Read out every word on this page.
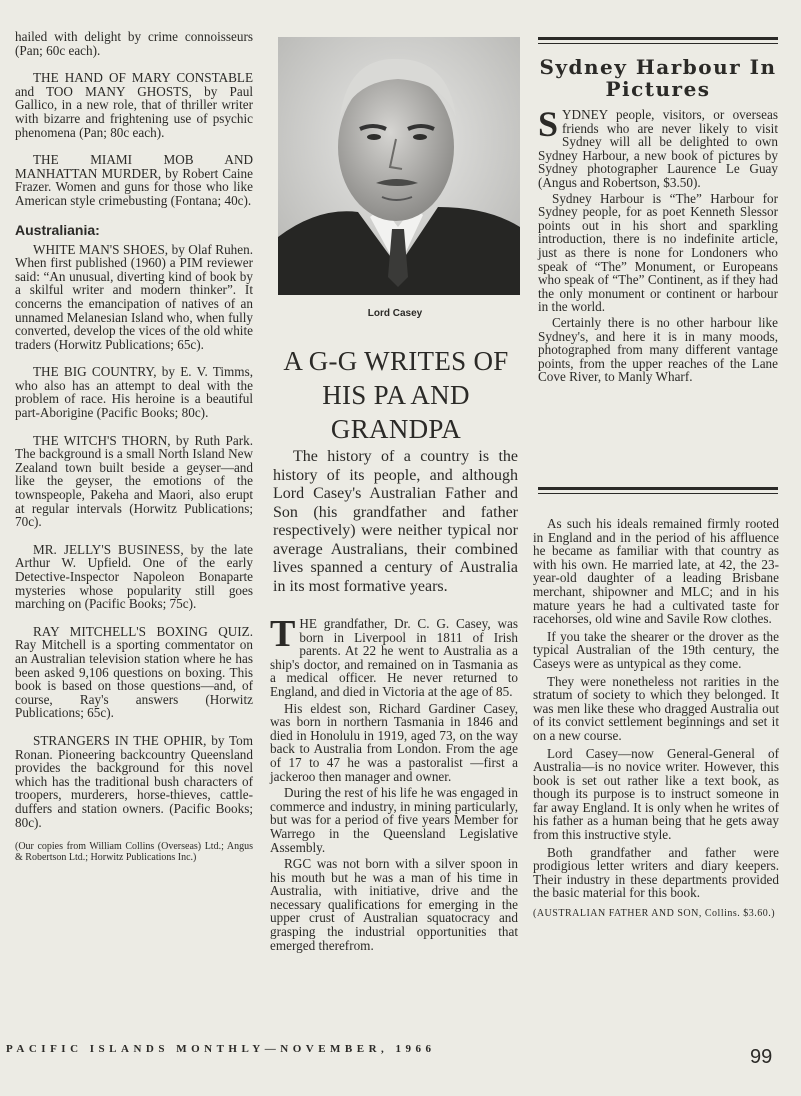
hailed with delight by crime connoisseurs (Pan; 60c each).

THE HAND OF MARY CONSTABLE and TOO MANY GHOSTS, by Paul Gallico, in a new role, that of thriller writer with bizarre and frightening use of psychic phenomena (Pan; 80c each).

THE MIAMI MOB AND MANHATTAN MURDER, by Robert Caine Frazer. Women and guns for those who like American style crimebusting (Fontana; 40c).

Australiania:

WHITE MAN'S SHOES, by Olaf Ruhen. When first published (1960) a PIM reviewer said: “An unusual, diverting kind of book by a skilful writer and modern thinker”. It concerns the emancipation of natives of an unnamed Melanesian Island who, when fully converted, develop the vices of the old white traders (Horwitz Publications; 65c).

THE BIG COUNTRY, by E. V. Timms, who also has an attempt to deal with the problem of race. His heroine is a beautiful part-Aborigine (Pacific Books; 80c).

THE WITCH'S THORN, by Ruth Park. The background is a small North Island New Zealand town built beside a geyser—and like the geyser, the emotions of the townspeople, Pakeha and Maori, also erupt at regular intervals (Horwitz Publications; 70c).

MR. JELLY'S BUSINESS, by the late Arthur W. Upfield. One of the early Detective-Inspector Napoleon Bonaparte mysteries whose popularity still goes marching on (Pacific Books; 75c).

RAY MITCHELL'S BOXING QUIZ. Ray Mitchell is a sporting commentator on an Australian television station where he has been asked 9,106 questions on boxing. This book is based on those questions—and, of course, Ray's answers (Horwitz Publications; 65c).

STRANGERS IN THE OPHIR, by Tom Ronan. Pioneering backcountry Queensland provides the background for this novel which has the traditional bush characters of troopers, murderers, horse-thieves, cattle-duffers and station owners. (Pacific Books; 80c).

(Our copies from William Collins (Overseas) Ltd.; Angus & Robertson Ltd.; Horwitz Publications Inc.)

Lord Casey
A G-G WRITES OF HIS PA AND GRANDPA
The history of a country is the history of its people, and although Lord Casey's Australian Father and Son (his grandfather and father respectively) were neither typical nor average Australians, their combined lives spanned a century of Australia in its most formative years.

THE grandfather, Dr. C. G. Casey, was born in Liverpool in 1811 of Irish parents. At 22 he went to Australia as a ship's doctor, and remained on in Tasmania as a medical officer. He never returned to England, and died in Victoria at the age of 85.

His eldest son, Richard Gardiner Casey, was born in northern Tasmania in 1846 and died in Honolulu in 1919, aged 73, on the way back to Australia from London. From the age of 17 to 47 he was a pastoralist —first a jackeroo then manager and owner.

During the rest of his life he was engaged in commerce and industry, in mining particularly, but was for a period of five years Member for Warrego in the Queensland Legislative Assembly.

RGC was not born with a silver spoon in his mouth but he was a man of his time in Australia, with initiative, drive and the necessary qualifications for emerging in the upper crust of Australian squatocracy and grasping the industrial opportunities that emerged therefrom.

Sydney Harbour In Pictures

SYDNEY people, visitors, or overseas friends who are never likely to visit Sydney will all be delighted to own Sydney Harbour, a new book of pictures by Sydney photographer Laurence Le Guay (Angus and Robertson, $3.50).

Sydney Harbour is “The” Harbour for Sydney people, for as poet Kenneth Slessor points out in his short and sparkling introduction, there is no indefinite article, just as there is none for Londoners who speak of “The” Monument, or Europeans who speak of “The” Continent, as if they had the only monument or continent or harbour in the world.

Certainly there is no other harbour like Sydney's, and here it is in many moods, photographed from many different vantage points, from the upper reaches of the Lane Cove River, to Manly Wharf.

As such his ideals remained firmly rooted in England and in the period of his affluence he became as familiar with that country as with his own. He married late, at 42, the 23-year-old daughter of a leading Brisbane merchant, shipowner and MLC; and in his mature years he had a cultivated taste for racehorses, old wine and Savile Row clothes.

If you take the shearer or the drover as the typical Australian of the 19th century, the Caseys were as untypical as they come.

They were nonetheless not rarities in the stratum of society to which they belonged. It was men like these who dragged Australia out of its convict settlement beginnings and set it on a new course.

Lord Casey—now General-General of Australia—is no novice writer. However, this book is set out rather like a text book, as though its purpose is to instruct someone in far away England. It is only when he writes of his father as a human being that he gets away from this instructive style.

Both grandfather and father were prodigious letter writers and diary keepers. Their industry in these departments provided the basic material for this book.

(AUSTRALIAN FATHER AND SON, Collins. $3.60.)

PACIFIC ISLANDS MONTHLY—NOVEMBER, 1966	99
